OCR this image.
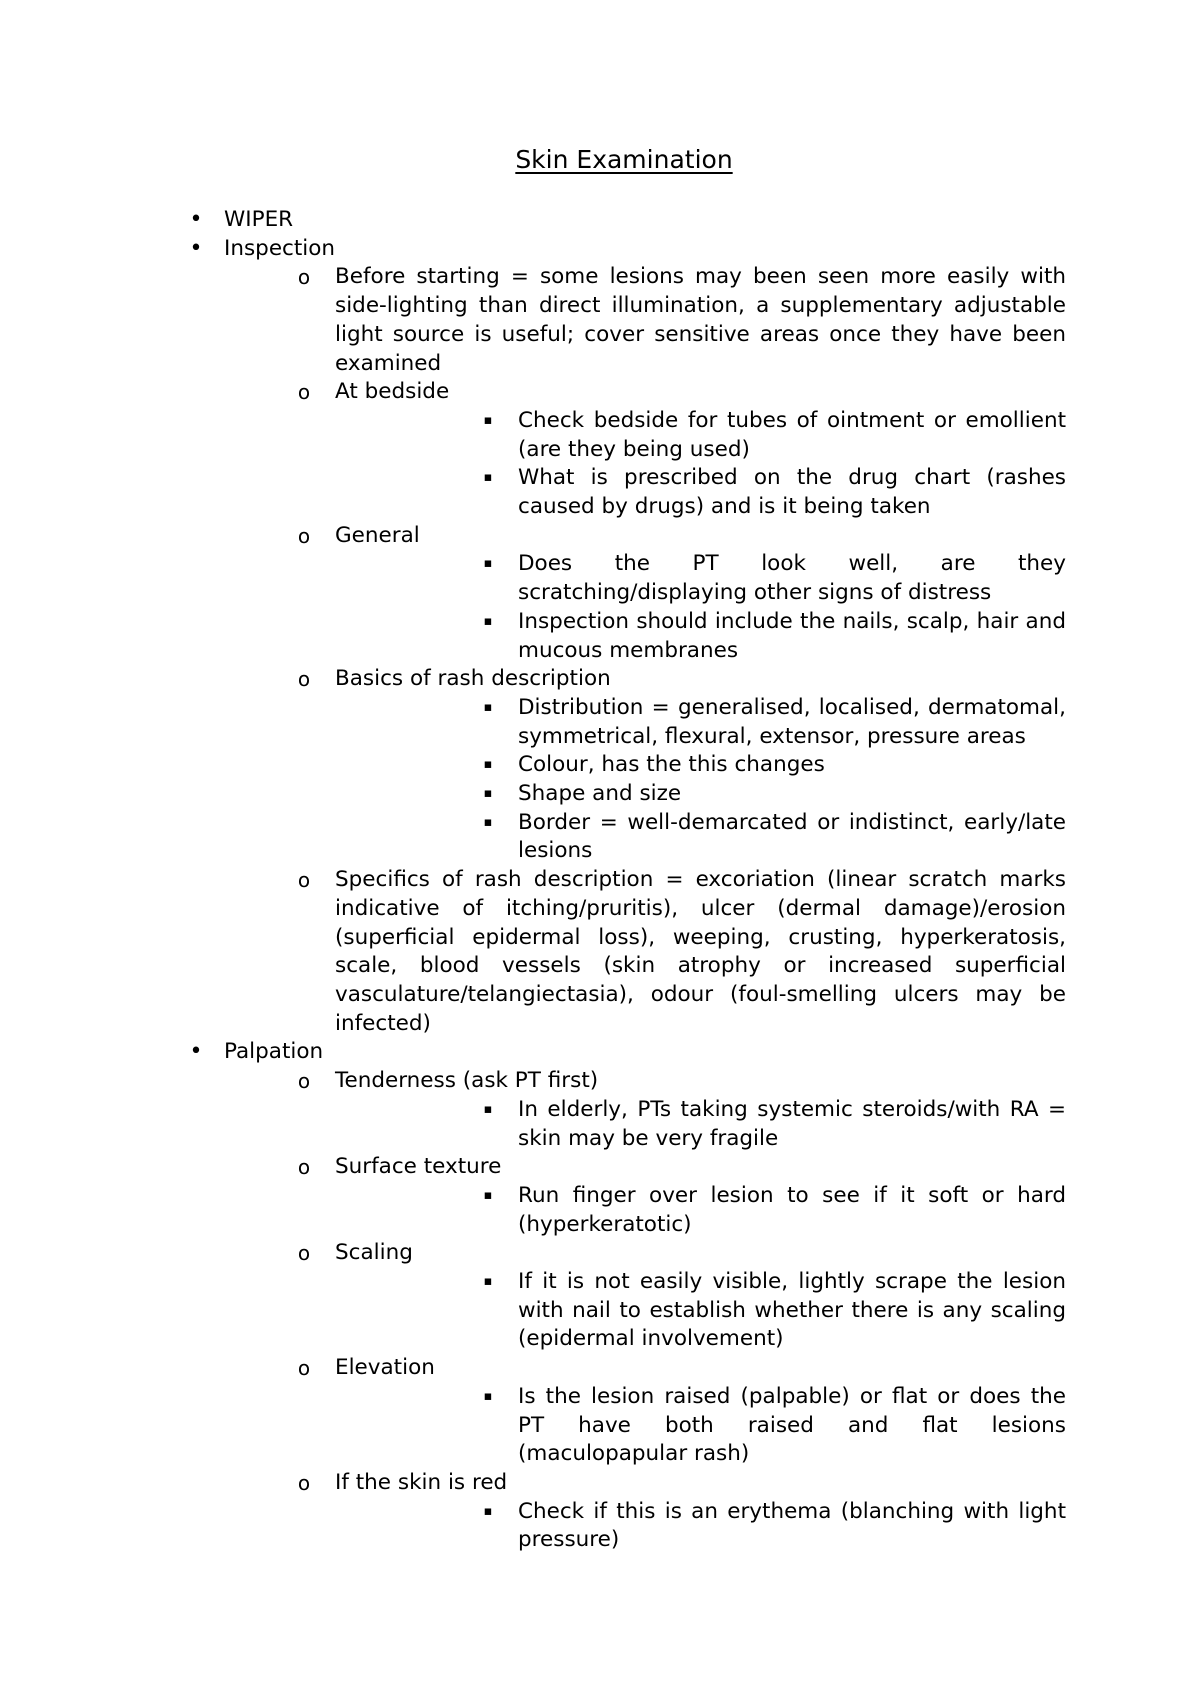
Skin Examination
• WIPER
• Inspection
o Before starting = some lesions may been seen more easily with side-lighting than direct illumination, a supplementary adjustable light source is useful; cover sensitive areas once they have been examined
o At bedside
▪ Check bedside for tubes of ointment or emollient (are they being used)
▪ What is prescribed on the drug chart (rashes caused by drugs) and is it being taken
o General
▪ Does the PT look well, are they scratching/displaying other signs of distress
▪ Inspection should include the nails, scalp, hair and mucous membranes
o Basics of rash description
▪ Distribution = generalised, localised, dermatomal, symmetrical, flexural, extensor, pressure areas
▪ Colour, has the this changes
▪ Shape and size
▪ Border = well-demarcated or indistinct, early/late lesions
o Specifics of rash description = excoriation (linear scratch marks indicative of itching/pruritis), ulcer (dermal damage)/erosion (superficial epidermal loss), weeping, crusting, hyperkeratosis, scale, blood vessels (skin atrophy or increased superficial vasculature/telangiectasia), odour (foul-smelling ulcers may be infected)
• Palpation
o Tenderness (ask PT first)
▪ In elderly, PTs taking systemic steroids/with RA = skin may be very fragile
o Surface texture
▪ Run finger over lesion to see if it soft or hard (hyperkeratotic)
o Scaling
▪ If it is not easily visible, lightly scrape the lesion with nail to establish whether there is any scaling (epidermal involvement)
o Elevation
▪ Is the lesion raised (palpable) or flat or does the PT have both raised and flat lesions (maculopapular rash)
o If the skin is red
▪ Check if this is an erythema (blanching with light pressure)
